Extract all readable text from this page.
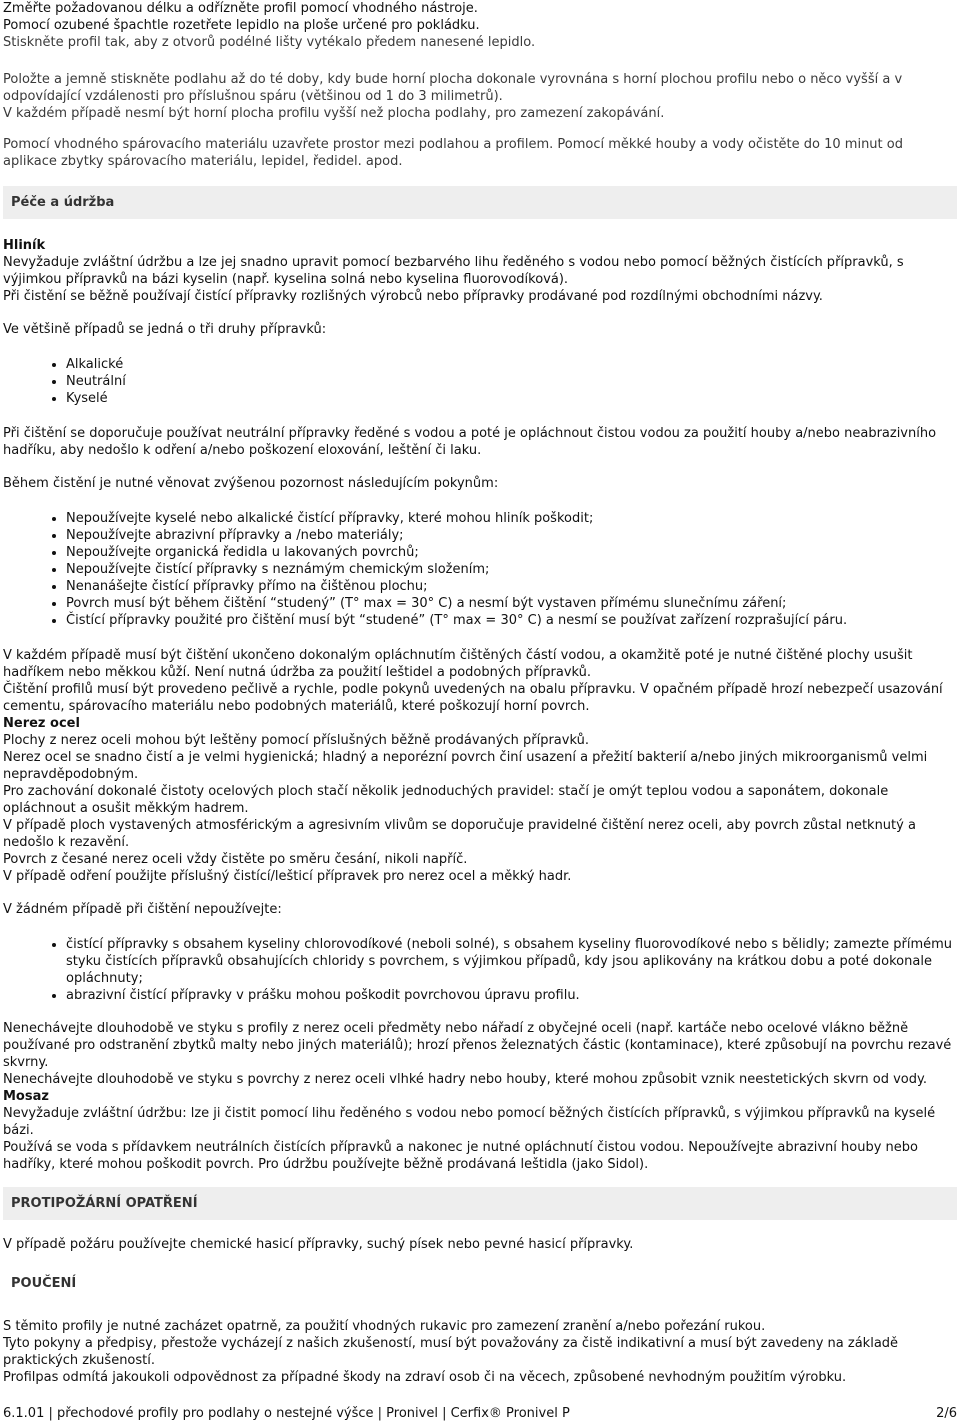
Změřte požadovanou délku a odřízněte profil pomocí vhodného nástroje.

Pomocí ozubené špachtle rozetřete lepidlo na ploše určené pro pokládku.

Stiskněte profil tak, aby z otvorů podélné lišty vytékalo předem nanesené lepidlo.

Položte a jemně stiskněte podlahu až do té doby, kdy bude horní plocha dokonale vyrovnána s horní plochou profilu nebo o něco vyšší a v odpovídající vzdálenosti pro příslušnou spáru (většinou od 1 do 3 milimetrů).

V každém případě nesmí být horní plocha profilu vyšší než plocha podlahy, pro zamezení zakopávání.

Pomocí vhodného spárovacího materiálu uzavřete prostor mezi podlahou a profilem. Pomocí měkké houby a vody očistěte do 10 minut od aplikace zbytky spárovacího materiálu, lepidel, ředidel. apod.

Péče a údržba

Hliník

Nevyžaduje zvláštní údržbu a lze jej snadno upravit pomocí bezbarvého lihu ředěného s vodou nebo pomocí běžných čistících přípravků, s výjimkou přípravků na bázi kyselin (např. kyselina solná nebo kyselina fluorovodíková).

Při čistění se běžně používají čistící přípravky rozlišných výrobců nebo přípravky prodávané pod rozdílnými obchodními názvy.

Ve většině případů se jedná o tři druhy přípravků:

• Alkalické
• Neutrální
• Kyselé

Při čištění se doporučuje používat neutrální přípravky ředěné s vodou a poté je opláchnout čistou vodou za použití houby a/nebo neabrazivního hadříku, aby nedošlo k odření a/nebo poškození eloxování, leštění či laku.

Během čistění je nutné věnovat zvýšenou pozornost následujícím pokynům:

• Nepoužívejte kyselé nebo alkalické čistící přípravky, které mohou hliník poškodit;
• Nepoužívejte abrazivní přípravky a /nebo materiály;
• Nepoužívejte organická ředidla u lakovaných povrchů;
• Nepoužívejte čistící přípravky s neznámým chemickým složením;
• Nenanášejte čistící přípravky přímo na čištěnou plochu;
• Povrch musí být během čištění “studený” (T° max = 30° C) a nesmí být vystaven přímému slunečnímu záření;
• Čistící přípravky použité pro čištění musí být “studené” (T° max = 30° C) a nesmí se používat zařízení rozprašující páru.

V každém případě musí být čištění ukončeno dokonalým opláchnutím čištěných částí vodou, a okamžitě poté je nutné čištěné plochy usušit hadříkem nebo měkkou kůží. Není nutná údržba za použití leštidel a podobných přípravků.

Čištění profilů musí být provedeno pečlivě a rychle, podle pokynů uvedených na obalu přípravku. V opačném případě hrozí nebezpečí usazování cementu, spárovacího materiálu nebo podobných materiálů, které poškozují horní povrch.

Nerez ocel

Plochy z nerez oceli mohou být leštěny pomocí příslušných běžně prodávaných přípravků.

Nerez ocel se snadno čistí a je velmi hygienická; hladný a neporézní povrch činí usazení a přežití bakterií a/nebo jiných mikroorganismů velmi nepravděpodobným.

Pro zachování dokonalé čistoty ocelových ploch stačí několik jednoduchých pravidel: stačí je omýt teplou vodou a saponátem, dokonale opláchnout a osušit měkkým hadrem.

V případě ploch vystavených atmosférickým a agresivním vlivům se doporučuje pravidelné čištění nerez oceli, aby povrch zůstal netknutý a nedošlo k rezavění.

Povrch z česané nerez oceli vždy čistěte po směru česání, nikoli napříč.

V případě odření použijte příslušný čistící/lešticí přípravek pro nerez ocel a měkký hadr.

V žádném případě při čištění nepoužívejte:

• čistící přípravky s obsahem kyseliny chlorovodíkové (neboli solné), s obsahem kyseliny fluorovodíkové nebo s bělidly; zamezte přímému styku čistících přípravků obsahujících chloridy s povrchem, s výjimkou případů, kdy jsou aplikovány na krátkou dobu a poté dokonale opláchnuty;
• abrazivní čistící přípravky v prášku mohou poškodit povrchovou úpravu profilu.

Nenechávejte dlouhodobě ve styku s profily z nerez oceli předměty nebo nářadí z obyčejné oceli (např. kartáče nebo ocelové vlákno běžně používané pro odstranění zbytků malty nebo jiných materiálů); hrozí přenos železnatých částic (kontaminace), které způsobují na povrchu rezavé skvrny.

Nenechávejte dlouhodobě ve styku s povrchy z nerez oceli vlhké hadry nebo houby, které mohou způsobit vznik neestetických skvrn od vody.

Mosaz

Nevyžaduje zvláštní údržbu: lze ji čistit pomocí lihu ředěného s vodou nebo pomocí běžných čistících přípravků, s výjimkou přípravků na kyselé bázi.

Používá se voda s přídavkem neutrálních čistících přípravků a nakonec je nutné opláchnutí čistou vodou. Nepoužívejte abrazivní houby nebo hadříky, které mohou poškodit povrch. Pro údržbu používejte běžně prodávaná leštidla (jako Sidol).

PROTIPOŽÁRNÍ OPATŘENÍ

V případě požáru používejte chemické hasicí přípravky, suchý písek nebo pevné hasicí přípravky.

POUČENÍ

S těmito profily je nutné zacházet opatrně, za použití vhodných rukavic pro zamezení zranění a/nebo pořezání rukou.

Tyto pokyny a předpisy, přestože vycházejí z našich zkušeností, musí být považovány za čistě indikativní a musí být zavedeny na základě praktických zkušeností.

Profilpas odmítá jakoukoli odpovědnost za případné škody na zdraví osob či na věcech, způsobené nevhodným použitím výrobku.

6.1.01 | přechodové profily pro podlahy o nestejné výšce | Pronivel | Cerfix® Pronivel P	2/6
